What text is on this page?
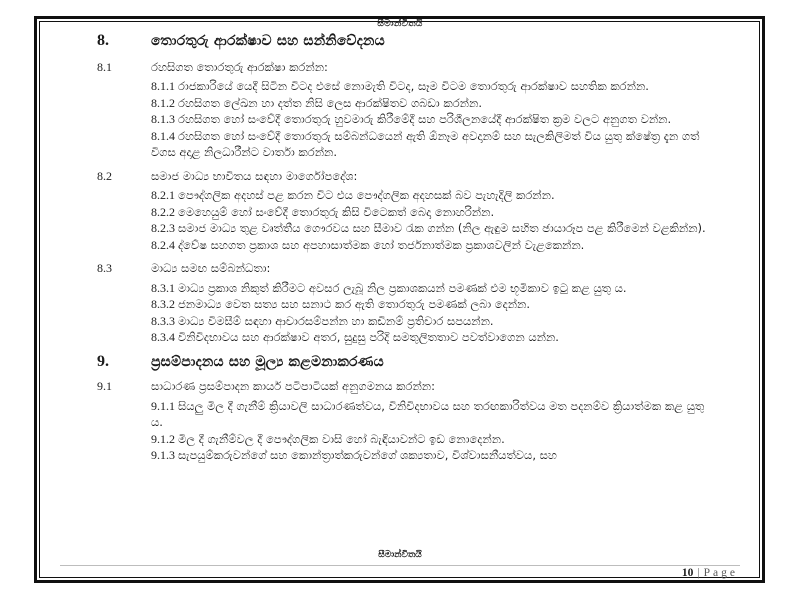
සීමාන්විතයි
8.	තොරතුරු ආරක්ෂාව සහ සන්නිවේදනය
8.1	රහසිගත තොරතුරු ආරක්ෂා කරන්න:

8.1.1 රාජකාරියේ යෙදී සිටින විටද එසේ නොමැති විටද, සෑම විටම තොරතුරු ආරක්ෂාව සහතික කරන්න.

8.1.2 රහසිගත ලේඛන හා දත්ත නිසි ලෙස ආරක්ෂිතව ගබඩා කරන්න.

8.1.3 රහසිගත හෝ සංවේදී තොරතුරු හුවමාරු කිරීමේදී සහ පරිශීලනයේදී ආරක්ෂිත ක්‍රම වලට අනුගත වන්න.

8.1.4 රහසිගත හෝ සංවේදී තොරතුරු සම්බන්ධයෙන් ඇති ඕනෑම අවදානම් සහ සැලකිලිමත් විය යුතු ක්ෂේත්‍ර දැන ගත් විගස අදාළ නිලධාරීන්ට වාර්තා කරන්න.

8.2	සමාජ මාධ්‍ය භාවිතය සඳහා මාර්ගෝපදේශ:

8.2.1 පෞද්ගලික අදහස් පළ කරන විට එය පෞද්ගලික අදහසක් බව පැහැදිලි කරන්න.

8.2.2 මෙහෙයුම් හෝ සංවේදී තොරතුරු කිසි විටෙකත් බෙදා නොහරින්න.

8.2.3 සමාජ මාධ්‍ය තුළ වෘත්තීය ගෞරවය සහ සීමාව රැක ගන්න (නිල ඇඳුම සහිත ඡායාරූප පළ කිරීමෙන් වළකින්න).

8.2.4 ද්වේෂ සහගත ප්‍රකාශ සහ අපහාසාත්මක හෝ තර්ජනාත්මක ප්‍රකාශවලින් වැළකෙන්න.

8.3	මාධ්‍ය සමඟ සම්බන්ධතා:

8.3.1 මාධ්‍ය ප්‍රකාශ නිකුත් කිරීමට අවසර ලැබූ නිල ප්‍රකාශකයන් පමණක් එම භූමිකාව ඉටු කළ යුතු ය.

8.3.2 ජනමාධ්‍ය වෙත සත්‍ය සහ සනාථ කර ඇති තොරතුරු පමණක් ලබා දෙන්න.

8.3.3 මාධ්‍ය විමසීම් සඳහා ආචාරසම්පන්න හා කඩිනම් ප්‍රතිචාර සපයන්න.

8.3.4 විනිවිදභාවය සහ ආරක්ෂාව අතර, සුදුසු පරිදි සමතුලිතතාව පවත්වාගෙන යන්න.

9.	ප්‍රසම්පාදනය සහ මූල්‍ය කළමනාකරණය
9.1	සාධාරණ ප්‍රසම්පාදන කාර්ය පටිපාටියක් අනුගමනය කරන්න:

9.1.1 සියලු මිල දී ගැනීම් ක්‍රියාවලි සාධාරණත්වය, විනිවිදභාවය සහ තරඟකාරිත්වය මත පදනම්ව ක්‍රියාත්මක කළ යුතු ය.

9.1.2 මිල දී ගැනීම්වල දී පෞද්ගලික වාසි හෝ බැඳියාවන්ට ඉඩ නොදෙන්න.

9.1.3 සැපයුම්කරුවන්ගේ සහ කොන්ත්‍රාත්කරුවන්ගේ ශක්‍යතාව, විශ්වාසනීයත්වය, සහ

සීමාන්විතයි
10 | Page
